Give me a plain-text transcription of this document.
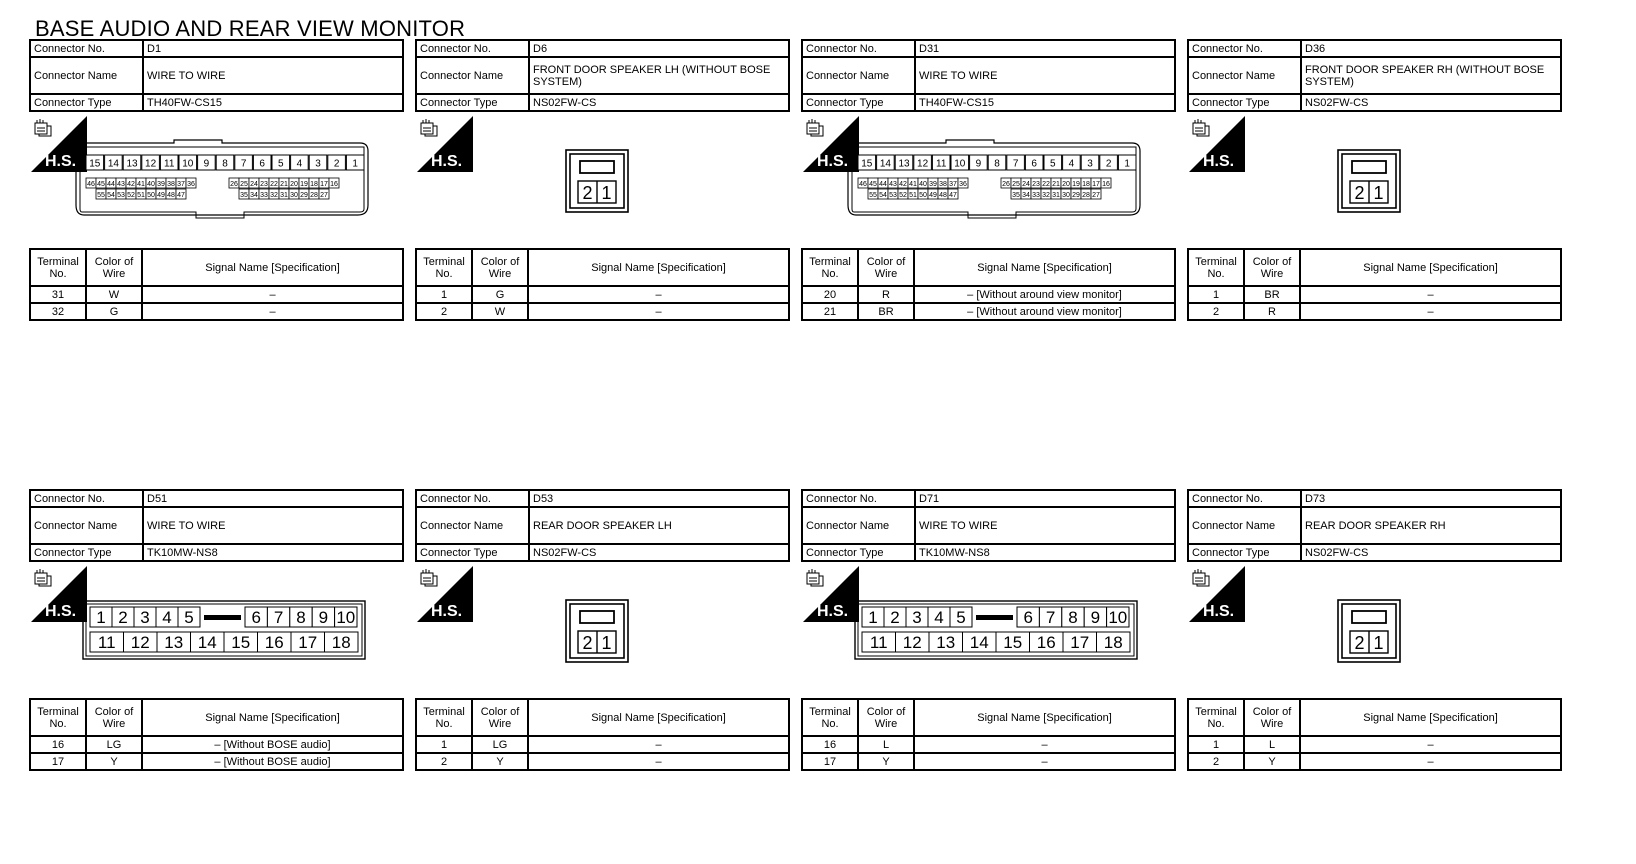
BASE AUDIO AND REAR VIEW MONITOR
Connector No.	D1
Connector Name	WIRE TO WIRE
Connector Type	TH40FW-CS15
H.S. 15 14 13 12 11 10 9 8 7 6 5 4 3 2 1
46 45 44 43 42 41 40 39 38 37 36	26 25 24 23 22 21 20 19 18 17 16
55 54 53 52 51 50 49 48 47	35 34 33 32 31 30 29 28 27
Terminal No.	Color of Wire	Signal Name [Specification]
31	W	–
32	G	–
Connector No.	D6
Connector Name	FRONT DOOR SPEAKER LH (WITHOUT BOSE SYSTEM)
Connector Type	NS02FW-CS
H.S.
2 1
Terminal No.	Color of Wire	Signal Name [Specification]
1	G	–
2	W	–
Connector No.	D31
Connector Name	WIRE TO WIRE
Connector Type	TH40FW-CS15
H.S. 15 14 13 12 11 10 9 8 7 6 5 4 3 2 1
46 45 44 43 42 41 40 39 38 37 36	26 25 24 23 22 21 20 19 18 17 16
55 54 53 52 51 50 49 48 47	35 34 33 32 31 30 29 28 27
Terminal No.	Color of Wire	Signal Name [Specification]
20	R	– [Without around view monitor]
21	BR	– [Without around view monitor]
Connector No.	D36
Connector Name	FRONT DOOR SPEAKER RH (WITHOUT BOSE SYSTEM)
Connector Type	NS02FW-CS
H.S.
2 1
Terminal No.	Color of Wire	Signal Name [Specification]
1	BR	–
2	R	–
Connector No.	D51
Connector Name	WIRE TO WIRE
Connector Type	TK10MW-NS8
H.S. 1 2 3 4 5	6 7 8 9 10
11 12 13 14 15 16 17 18
Terminal No.	Color of Wire	Signal Name [Specification]
16	LG	– [Without BOSE audio]
17	Y	– [Without BOSE audio]
Connector No.	D53
Connector Name	REAR DOOR SPEAKER LH
Connector Type	NS02FW-CS
H.S.
2 1
Terminal No.	Color of Wire	Signal Name [Specification]
1	LG	–
2	Y	–
Connector No.	D71
Connector Name	WIRE TO WIRE
Connector Type	TK10MW-NS8
H.S. 1 2 3 4 5	6 7 8 9 10
11 12 13 14 15 16 17 18
Terminal No.	Color of Wire	Signal Name [Specification]
16	L	–
17	Y	–
Connector No.	D73
Connector Name	REAR DOOR SPEAKER RH
Connector Type	NS02FW-CS
H.S.
2 1
Terminal No.	Color of Wire	Signal Name [Specification]
1	L	–
2	Y	–
